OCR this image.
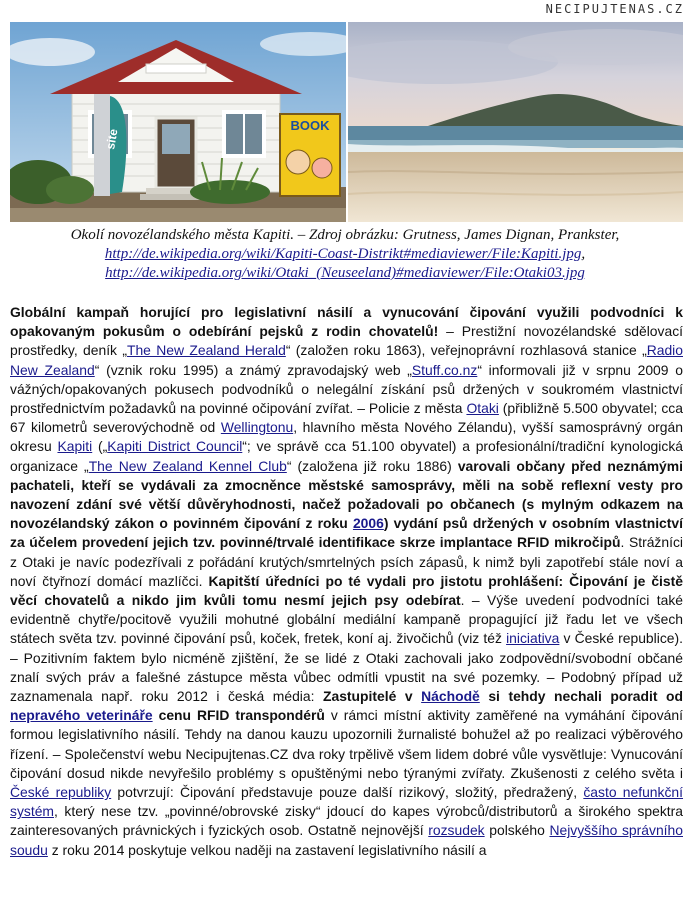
NECIPUJTENAS.CZ
site
BOOK
Okolí novozélandského města Kapiti. – Zdroj obrázku: Grutness, James Dignan, Prankster,
http://de.wikipedia.org/wiki/Kapiti-Coast-Distrikt#mediaviewer/File:Kapiti.jpg,
http://de.wikipedia.org/wiki/Otaki_(Neuseeland)#mediaviewer/File:Otaki03.jpg

Globální kampaň horující pro legislativní násilí a vynucování čipování využili podvodníci k opakovaným pokusům o odebírání pejsků z rodin chovatelů! – Prestižní novozélandské sdělovací prostředky, deník „The New Zealand Herald“ (založen roku 1863), veřejnoprávní rozhlasová stanice „Radio New Zealand“ (vznik roku 1995) a známý zpravodajský web „Stuff.co.nz“ informovali již v srpnu 2009 o vážných/opakovaných pokusech podvodníků o nelegální získání psů držených v soukromém vlastnictví prostřednictvím požadavků na povinné očipování zvířat. – Policie z města Otaki (přibližně 5.500 obyvatel; cca 67 kilometrů severovýchodně od Wellingtonu, hlavního města Nového Zélandu), vyšší samosprávný orgán okresu Kapiti („Kapiti District Council“; ve správě cca 51.100 obyvatel) a profesionální/tradiční kynologická organizace „The New Zealand Kennel Club“ (založena již roku 1886) varovali občany před neznámými pachateli, kteří se vydávali za zmocněnce městské samosprávy, měli na sobě reflexní vesty pro navození zdání své větší důvěryhodnosti, načež požadovali po občanech (s mylným odkazem na novozélandský zákon o povinném čipování z roku 2006) vydání psů držených v osobním vlastnictví za účelem provedení jejich tzv. povinné/trvalé identifikace skrze implantace RFID mikročipů. Strážníci z Otaki je navíc podezřívali z pořádání krutých/smrtelných psích zápasů, k nimž byli zapotřebí stále noví a noví čtyřnozí domácí mazlíčci. Kapitští úředníci po té vydali pro jistotu prohlášení: Čipování je čistě věcí chovatelů a nikdo jim kvůli tomu nesmí jejich psy odebírat. – Výše uvedení podvodníci také evidentně chytře/pocitově využili mohutné globální mediální kampaně propagující již řadu let ve všech státech světa tzv. povinné čipování psů, koček, fretek, koní aj. živočichů (viz též iniciativa v České republice). – Pozitivním faktem bylo nicméně zjištění, že se lidé z Otaki zachovali jako zodpovědní/svobodní občané znalí svých práv a falešné zástupce města vůbec odmítli vpustit na své pozemky. – Podobný případ už zaznamenala např. roku 2012 i česká média: Zastupitelé v Náchodě si tehdy nechali poradit od nepravého veterináře cenu RFID transpondérů v rámci místní aktivity zaměřené na vymáhání čipování formou legislativního násilí. Tehdy na danou kauzu upozornili žurnalisté bohužel až po realizaci výběrového řízení. – Společenství webu Necipujtenas.CZ dva roky trpělivě všem lidem dobré vůle vysvětluje: Vynucování čipování dosud nikde nevyřešilo problémy s opuštěnými nebo týranými zvířaty. Zkušenosti z celého světa i České republiky potvrzují: Čipování představuje pouze další rizikový, složitý, předražený, často nefunkční systém, který nese tzv. „povinné/obrovské zisky“ jdoucí do kapes výrobců/distributorů a širokého spektra zainteresovaných právnických i fyzických osob. Ostatně nejnovější rozsudek polského Nejvyššího správního soudu z roku 2014 poskytuje velkou naději na zastavení legislativního násilí a
